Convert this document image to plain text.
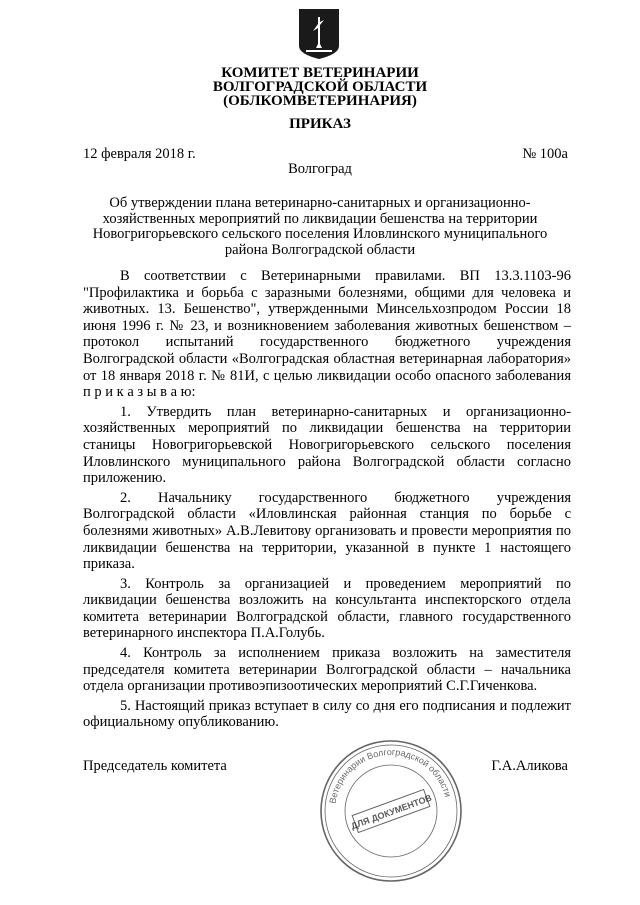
КОМИТЕТ ВЕТЕРИНАРИИ
ВОЛГОГРАДСКОЙ ОБЛАСТИ
(ОБЛКОМВЕТЕРИНАРИЯ)
ПРИКАЗ
12 февраля 2018 г.	№ 100а
Волгоград
Об утверждении плана ветеринарно-санитарных и организационно-
хозяйственных мероприятий по ликвидации бешенства на территории
Новогригорьевского сельского поселения Иловлинского муниципального
района Волгоградской области

В соответствии с Ветеринарными правилами. ВП 13.3.1103-96 "Профилактика и борьба с заразными болезнями, общими для человека и животных. 13. Бешенство", утвержденными Минсельхозпродом России 18 июня 1996 г. № 23, и возникновением заболевания животных бешенством – протокол испытаний государственного бюджетного учреждения Волгоградской области «Волгоградская областная ветеринарная лаборатория» от 18 января 2018 г. № 81И, с целью ликвидации особо опасного заболевания п р и к а з ы в а ю:

1. Утвердить план ветеринарно-санитарных и организационно-хозяйственных мероприятий по ликвидации бешенства на территории станицы Новогригорьевской Новогригорьевского сельского поселения Иловлинского муниципального района Волгоградской области согласно приложению.

2. Начальнику государственного бюджетного учреждения Волгоградской области «Иловлинская районная станция по борьбе с болезнями животных» А.В.Левитову организовать и провести мероприятия по ликвидации бешенства на территории, указанной в пункте 1 настоящего приказа.

3. Контроль за организацией и проведением мероприятий по ликвидации бешенства возложить на консультанта инспекторского отдела комитета ветеринарии Волгоградской области, главного государственного ветеринарного инспектора П.А.Голубь.

4. Контроль за исполнением приказа возложить на заместителя председателя комитета ветеринарии Волгоградской области – начальника отдела организации противоэпизоотических мероприятий С.Г.Гиченкова.

5. Настоящий приказ вступает в силу со дня его подписания и подлежит официальному опубликованию.

Председатель комитета	Г.А.Аликова
Ветеринарии Волгоградской области
ДЛЯ ДОКУМЕНТОВ
